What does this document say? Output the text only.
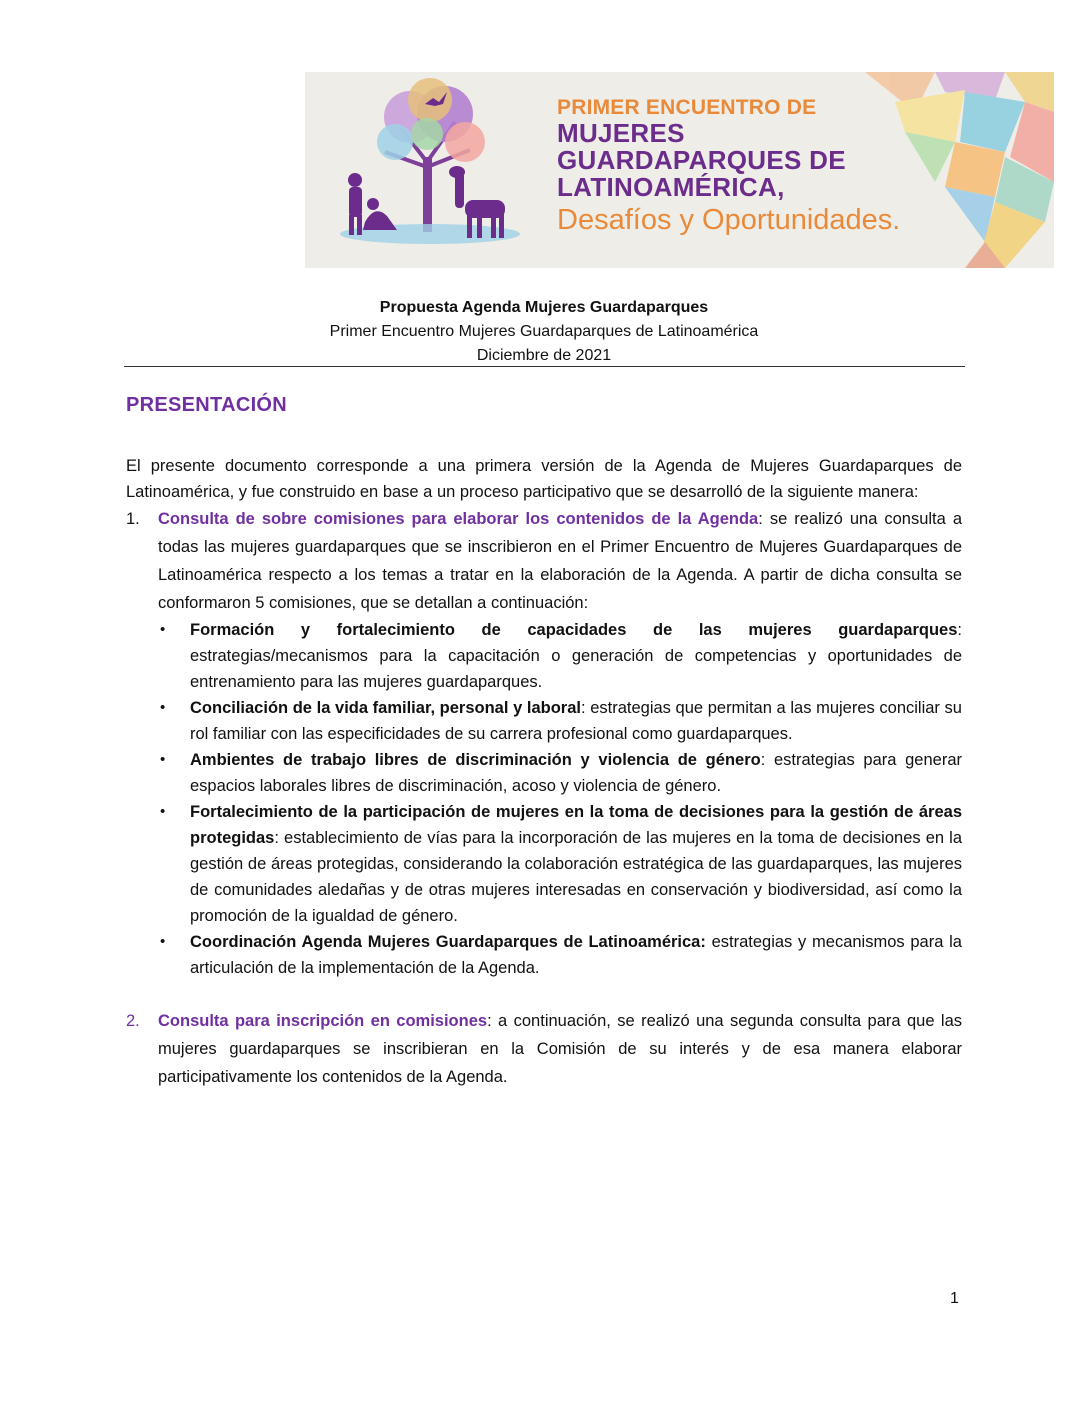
PRIMER ENCUENTRO DE
MUJERES
GUARDAPARQUES DE
LATINOAMÉRICA,
Desafíos y Oportunidades.
Propuesta Agenda Mujeres Guardaparques
Primer Encuentro Mujeres Guardaparques de Latinoamérica
Diciembre de 2021
PRESENTACIÓN

El presente documento corresponde a una primera versión de la Agenda de Mujeres Guardaparques de Latinoamérica, y fue construido en base a un proceso participativo que se desarrolló de la siguiente manera:

1. Consulta de sobre comisiones para elaborar los contenidos de la Agenda: se realizó una consulta a todas las mujeres guardaparques que se inscribieron en el Primer Encuentro de Mujeres Guardaparques de Latinoamérica respecto a los temas a tratar en la elaboración de la Agenda. A partir de dicha consulta se conformaron 5 comisiones, que se detallan a continuación:
• Formación y fortalecimiento de capacidades de las mujeres guardaparques: estrategias/mecanismos para la capacitación o generación de competencias y oportunidades de entrenamiento para las mujeres guardaparques.
• Conciliación de la vida familiar, personal y laboral: estrategias que permitan a las mujeres conciliar su rol familiar con las especificidades de su carrera profesional como guardaparques.
• Ambientes de trabajo libres de discriminación y violencia de género: estrategias para generar espacios laborales libres de discriminación, acoso y violencia de género.
• Fortalecimiento de la participación de mujeres en la toma de decisiones para la gestión de áreas protegidas: establecimiento de vías para la incorporación de las mujeres en la toma de decisiones en la gestión de áreas protegidas, considerando la colaboración estratégica de las guardaparques, las mujeres de comunidades aledañas y de otras mujeres interesadas en conservación y biodiversidad, así como la promoción de la igualdad de género.
• Coordinación Agenda Mujeres Guardaparques de Latinoamérica: estrategias y mecanismos para la articulación de la implementación de la Agenda.
2. Consulta para inscripción en comisiones: a continuación, se realizó una segunda consulta para que las mujeres guardaparques se inscribieran en la Comisión de su interés y de esa manera elaborar participativamente los contenidos de la Agenda.
1
